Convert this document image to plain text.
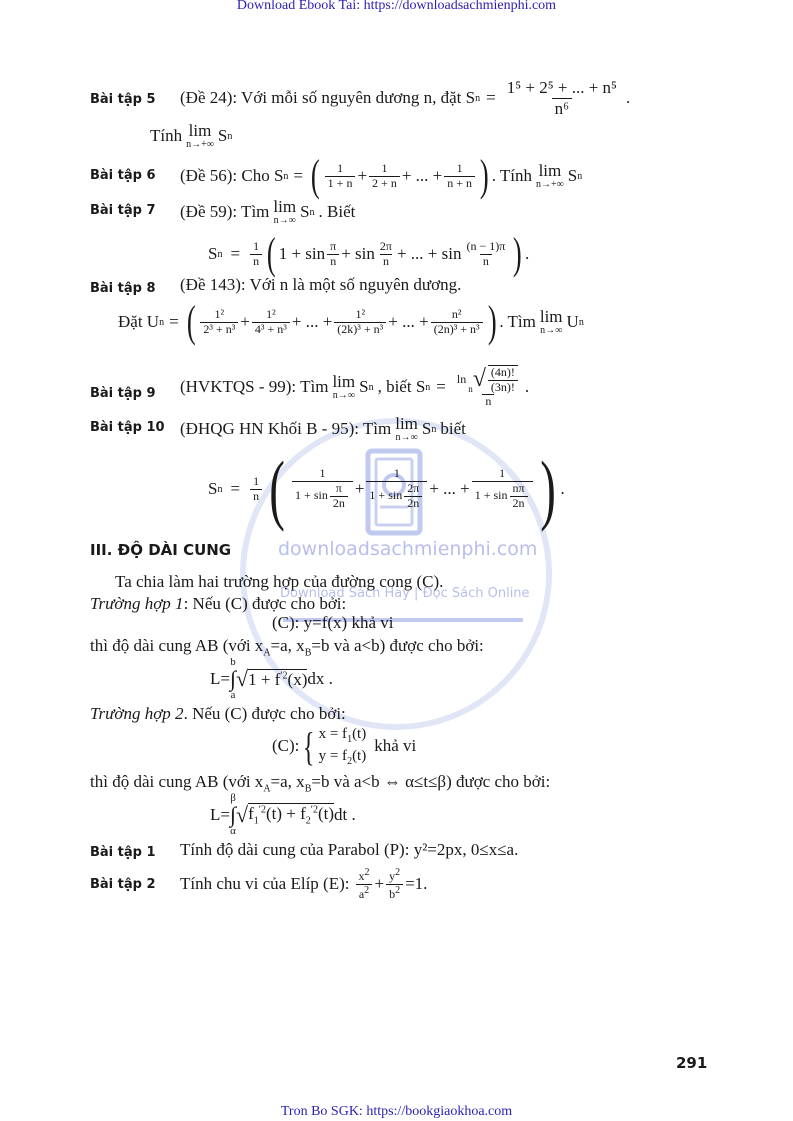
Download Ebook Tai: https://downloadsachmienphi.com
Tron Bo SGK: https://bookgiaokhoa.com
downloadsachmienphi.com
Download Sách Hay | Đọc Sách Online
Bài tập 5 (Đề 24): Với mỗi số nguyên dương n, đặt S $n = \frac{\text{1⁵ + 2⁵ + ... + n⁵}}{\text{n⁶}}$ .
Tính lim
n→+∞ S n
Bài tập 6 (Đề 56): Cho S n = ( $\frac{1}{1 + n} + \frac{1}{2 + n}$ + ... + $\frac{1}{n + n}$ ) . Tính lim
n→+∞ S n
Bài tập 7 (Đề 59): Tìm lim
n→∞ S n . Biết
S $n = \frac{1}{n}$ ( $1 + \sin \frac{\pi}{n} + \sin \frac{2\pi}{n}$ + ... + $\sin \frac{(n - 1)\pi}{n}$ ) .
Bài tập 8 (Đề 143): Với n là một số nguyên dương.
Đặt U n = ( $\frac{\text{1²}}{\text{2³ + n³}} + \frac{\text{1²}}{\text{4³ + n³}}$ + ... + $\frac{\text{1²}}{\text{(2k)³ + n³}}$ + ... + $\frac{\text{n²}}{\text{(2n)³ + n³}}$ ) . Tìm lim
n→∞ U n
Bài tập 9 (HVKTQS - 99): Tìm lim
n→∞ S n , biết S n = ln
n √ $\frac{(4n)!}{(3n)!}$
n .
Bài tập 10 (ĐHQG HN Khối B - 95): Tìm lim
n→∞ S n biết
S $n = \frac{1}{n}$ ( $\frac{1}{1 + \sin \frac{\pi}{2n}} + \frac{1}{1 + \sin \frac{2\pi}{2n}}$ + ... + $\frac{1}{1 + \sin \frac{n\pi}{2n}}$ ) .
III. ĐỘ DÀI CUNG
Ta chia làm hai trường hợp của đường cong (C).
Trường hợp 1: Nếu (C) được cho bởi:
(C): y=f(x) khả vi
thì độ dài cung AB (với $x_A=a$, $x_B=b$ và a<b) được cho bởi:
L=
b
∫
a
√ $1 + f^{'2}(x)$ dx .
Trường hợp 2. Nếu (C) được cho bởi:
(C): { $x = f_1(t)$
$y = f_2(t)$
khả vi
thì độ dài cung AB (với $x_A=a$, $x_B=b$ và a<b ⇔ α≤t≤β) được cho bởi:
L=
β
∫
α
√ $f_1^{'2}(t) + f_2^{'2}(t)$ dt .
Bài tập 1 Tính độ dài cung của Parabol (P): y²=2px, 0≤x≤a.
Bài tập 2 Tính chu vi của Elíp (E): $\frac{x^2}{a^2} + \frac{y^2}{b^2} =1$.
291
